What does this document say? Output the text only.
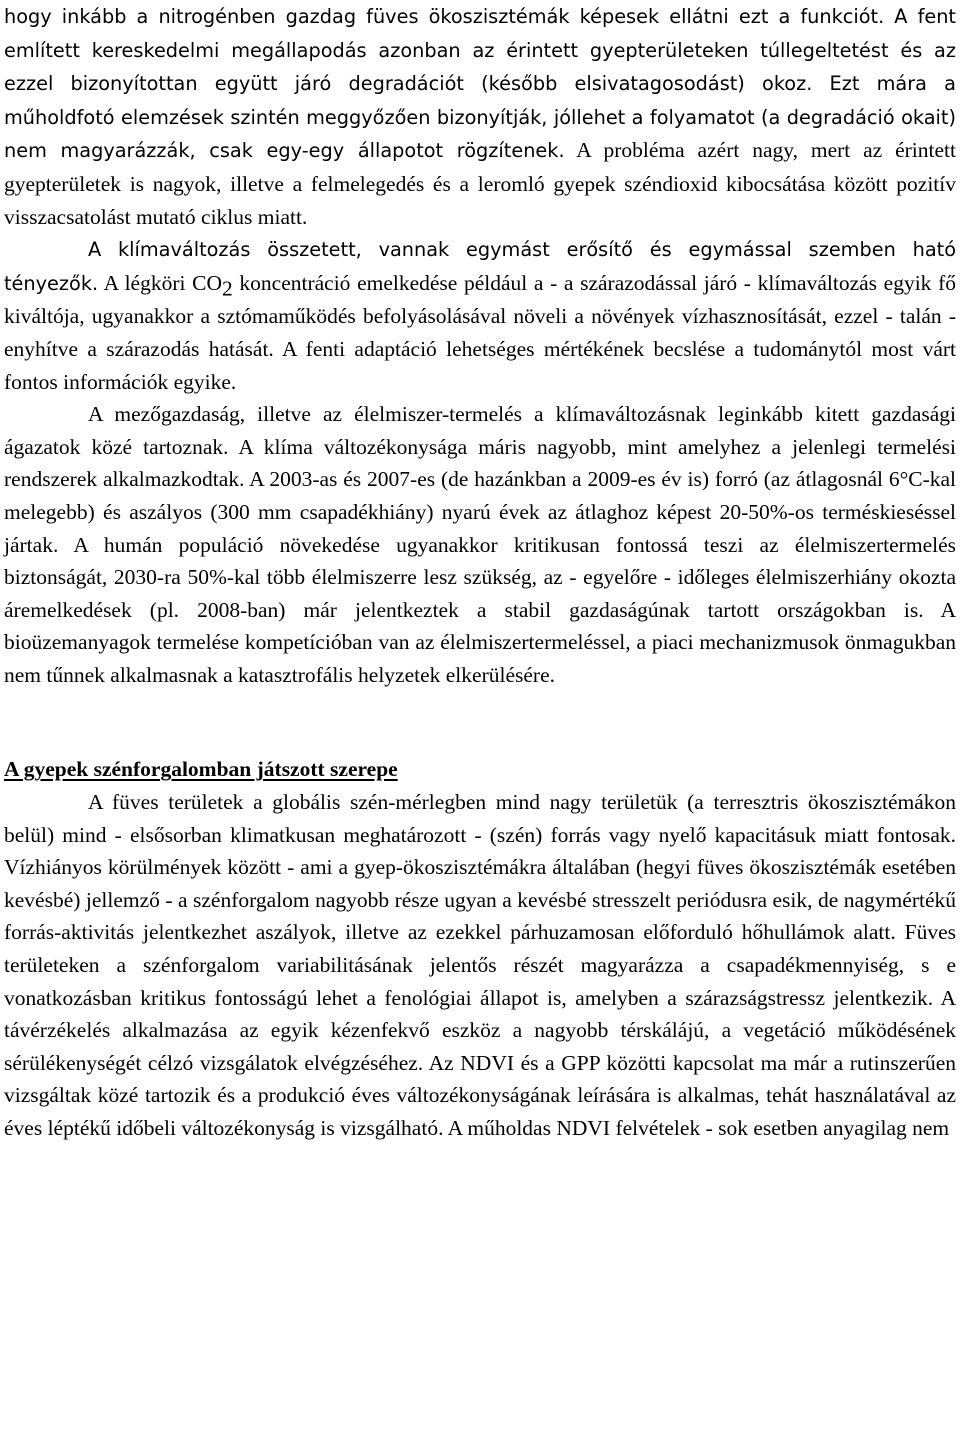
hogy inkább a nitrogénben gazdag füves ökoszisztémák képesek ellátni ezt a funkciót. A fent említett kereskedelmi megállapodás azonban az érintett gyepterületeken túllegeltetést és az ezzel bizonyítottan együtt járó degradációt (később elsivatagosodást) okoz. Ezt mára a műholdfotó elemzések szintén meggyőzően bizonyítják, jóllehet a folyamatot (a degradáció okait) nem magyarázzák, csak egy-egy állapotot rögzítenek. A probléma azért nagy, mert az érintett gyepterületek is nagyok, illetve a felmelegedés és a leromló gyepek széndioxid kibocsátása között pozitív visszacsatolást mutató ciklus miatt.

A klímaváltozás összetett, vannak egymást erősítő és egymással szemben ható tényezők. A légköri $CO_2$ koncentráció emelkedése például a - a szárazodással járó - klímaváltozás egyik fő kiváltója, ugyanakkor a sztómaműködés befolyásolásával növeli a növények vízhasznosítását, ezzel - talán - enyhítve a szárazodás hatását. A fenti adaptáció lehetséges mértékének becslése a tudománytól most várt fontos információk egyike.

A mezőgazdaság, illetve az élelmiszer-termelés a klímaváltozásnak leginkább kitett gazdasági ágazatok közé tartoznak. A klíma változékonysága máris nagyobb, mint amelyhez a jelenlegi termelési rendszerek alkalmazkodtak. A 2003-as és 2007-es (de hazánkban a 2009-es év is) forró (az átlagosnál 6°C-kal melegebb) és aszályos (300 mm csapadékhiány) nyarú évek az átlaghoz képest 20-50%-os terméskieséssel jártak. A humán populáció növekedése ugyanakkor kritikusan fontossá teszi az élelmiszertermelés biztonságát, 2030-ra 50%-kal több élelmiszerre lesz szükség, az - egyelőre - időleges élelmiszerhiány okozta áremelkedések (pl. 2008-ban) már jelentkeztek a stabil gazdaságúnak tartott országokban is. A bioüzemanyagok termelése kompetícióban van az élelmiszertermeléssel, a piaci mechanizmusok önmagukban nem tűnnek alkalmasnak a katasztrofális helyzetek elkerülésére.

A gyepek szénforgalomban játszott szerepe

A füves területek a globális szén-mérlegben mind nagy területük (a terresztris ökoszisztémákon belül) mind - elsősorban klimatkusan meghatározott - (szén) forrás vagy nyelő kapacitásuk miatt fontosak. Vízhiányos körülmények között - ami a gyep-ökoszisztémákra általában (hegyi füves ökoszisztémák esetében kevésbé) jellemző - a szénforgalom nagyobb része ugyan a kevésbé stresszelt periódusra esik, de nagymértékű forrás-aktivitás jelentkezhet aszályok, illetve az ezekkel párhuzamosan előforduló hőhullámok alatt. Füves területeken a szénforgalom variabilitásának jelentős részét magyarázza a csapadékmennyiség, s e vonatkozásban kritikus fontosságú lehet a fenológiai állapot is, amelyben a szárazságstressz jelentkezik. A távérzékelés alkalmazása az egyik kézenfekvő eszköz a nagyobb térskálájú, a vegetáció működésének sérülékenységét célzó vizsgálatok elvégzéséhez. Az NDVI és a GPP közötti kapcsolat ma már a rutinszerűen vizsgáltak közé tartozik és a produkció éves változékonyságának leírására is alkalmas, tehát használatával az éves léptékű időbeli változékonyság is vizsgálható. A műholdas NDVI felvételek - sok esetben anyagilag nem
